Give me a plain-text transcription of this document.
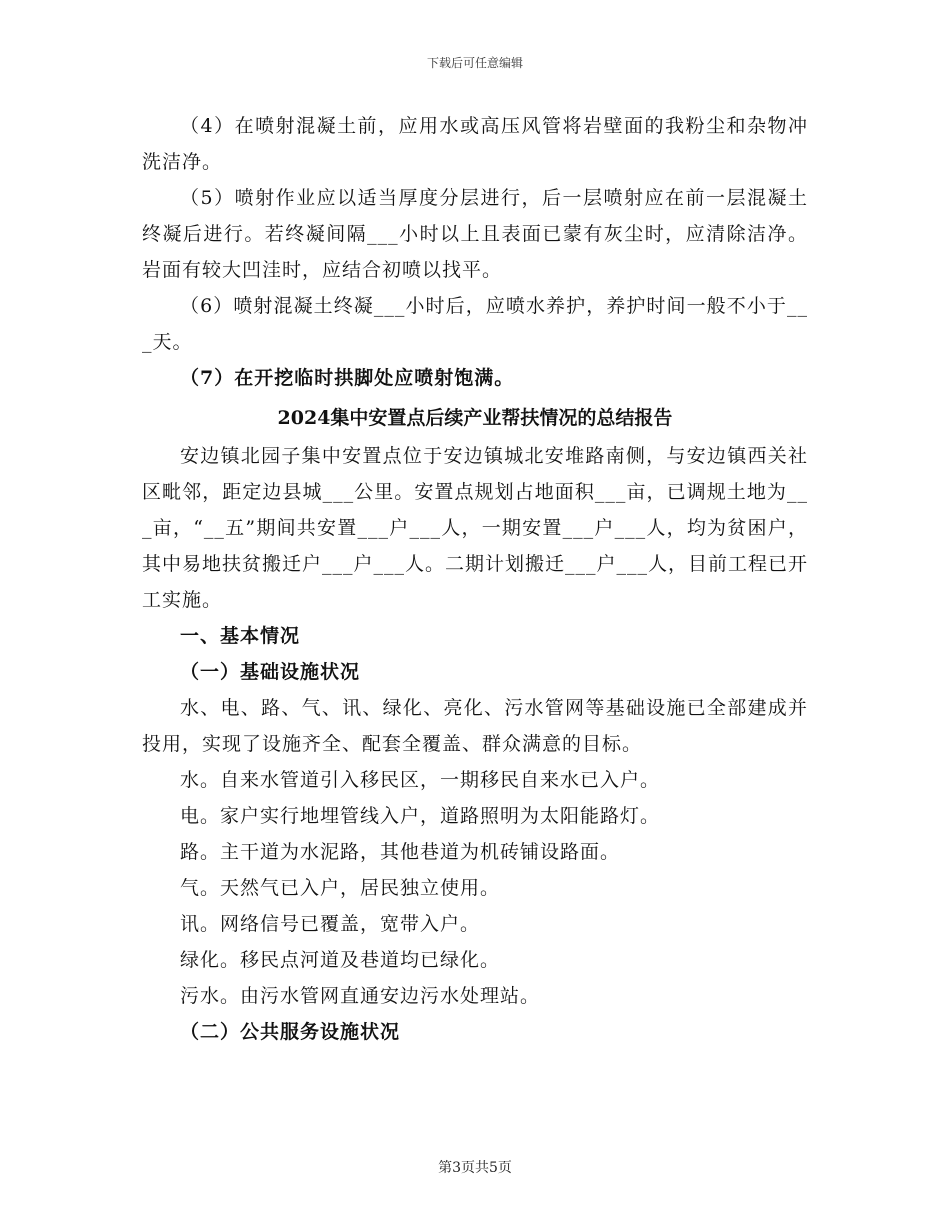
下载后可任意编辑

（4）在喷射混凝土前，应用水或高压风管将岩壁面的我粉尘和杂物冲洗洁净。

（5）喷射作业应以适当厚度分层进行，后一层喷射应在前一层混凝土终凝后进行。若终凝间隔___小时以上且表面已蒙有灰尘时，应清除洁净。岩面有较大凹洼时，应结合初喷以找平。

（6）喷射混凝土终凝___小时后，应喷水养护，养护时间一般不小于___天。

（7）在开挖临时拱脚处应喷射饱满。

2024集中安置点后续产业帮扶情况的总结报告

安边镇北园子集中安置点位于安边镇城北安堆路南侧，与安边镇西关社区毗邻，距定边县城___公里。安置点规划占地面积___亩，已调规土地为___亩，“__五”期间共安置___户___人，一期安置___户___人，均为贫困户，其中易地扶贫搬迁户___户___人。二期计划搬迁___户___人，目前工程已开工实施。

一、基本情况

（一）基础设施状况

水、电、路、气、讯、绿化、亮化、污水管网等基础设施已全部建成并投用，实现了设施齐全、配套全覆盖、群众满意的目标。

水。自来水管道引入移民区，一期移民自来水已入户。

电。家户实行地埋管线入户，道路照明为太阳能路灯。

路。主干道为水泥路，其他巷道为机砖铺设路面。

气。天然气已入户，居民独立使用。

讯。网络信号已覆盖，宽带入户。

绿化。移民点河道及巷道均已绿化。

污水。由污水管网直通安边污水处理站。

（二）公共服务设施状况

第3页共5页
